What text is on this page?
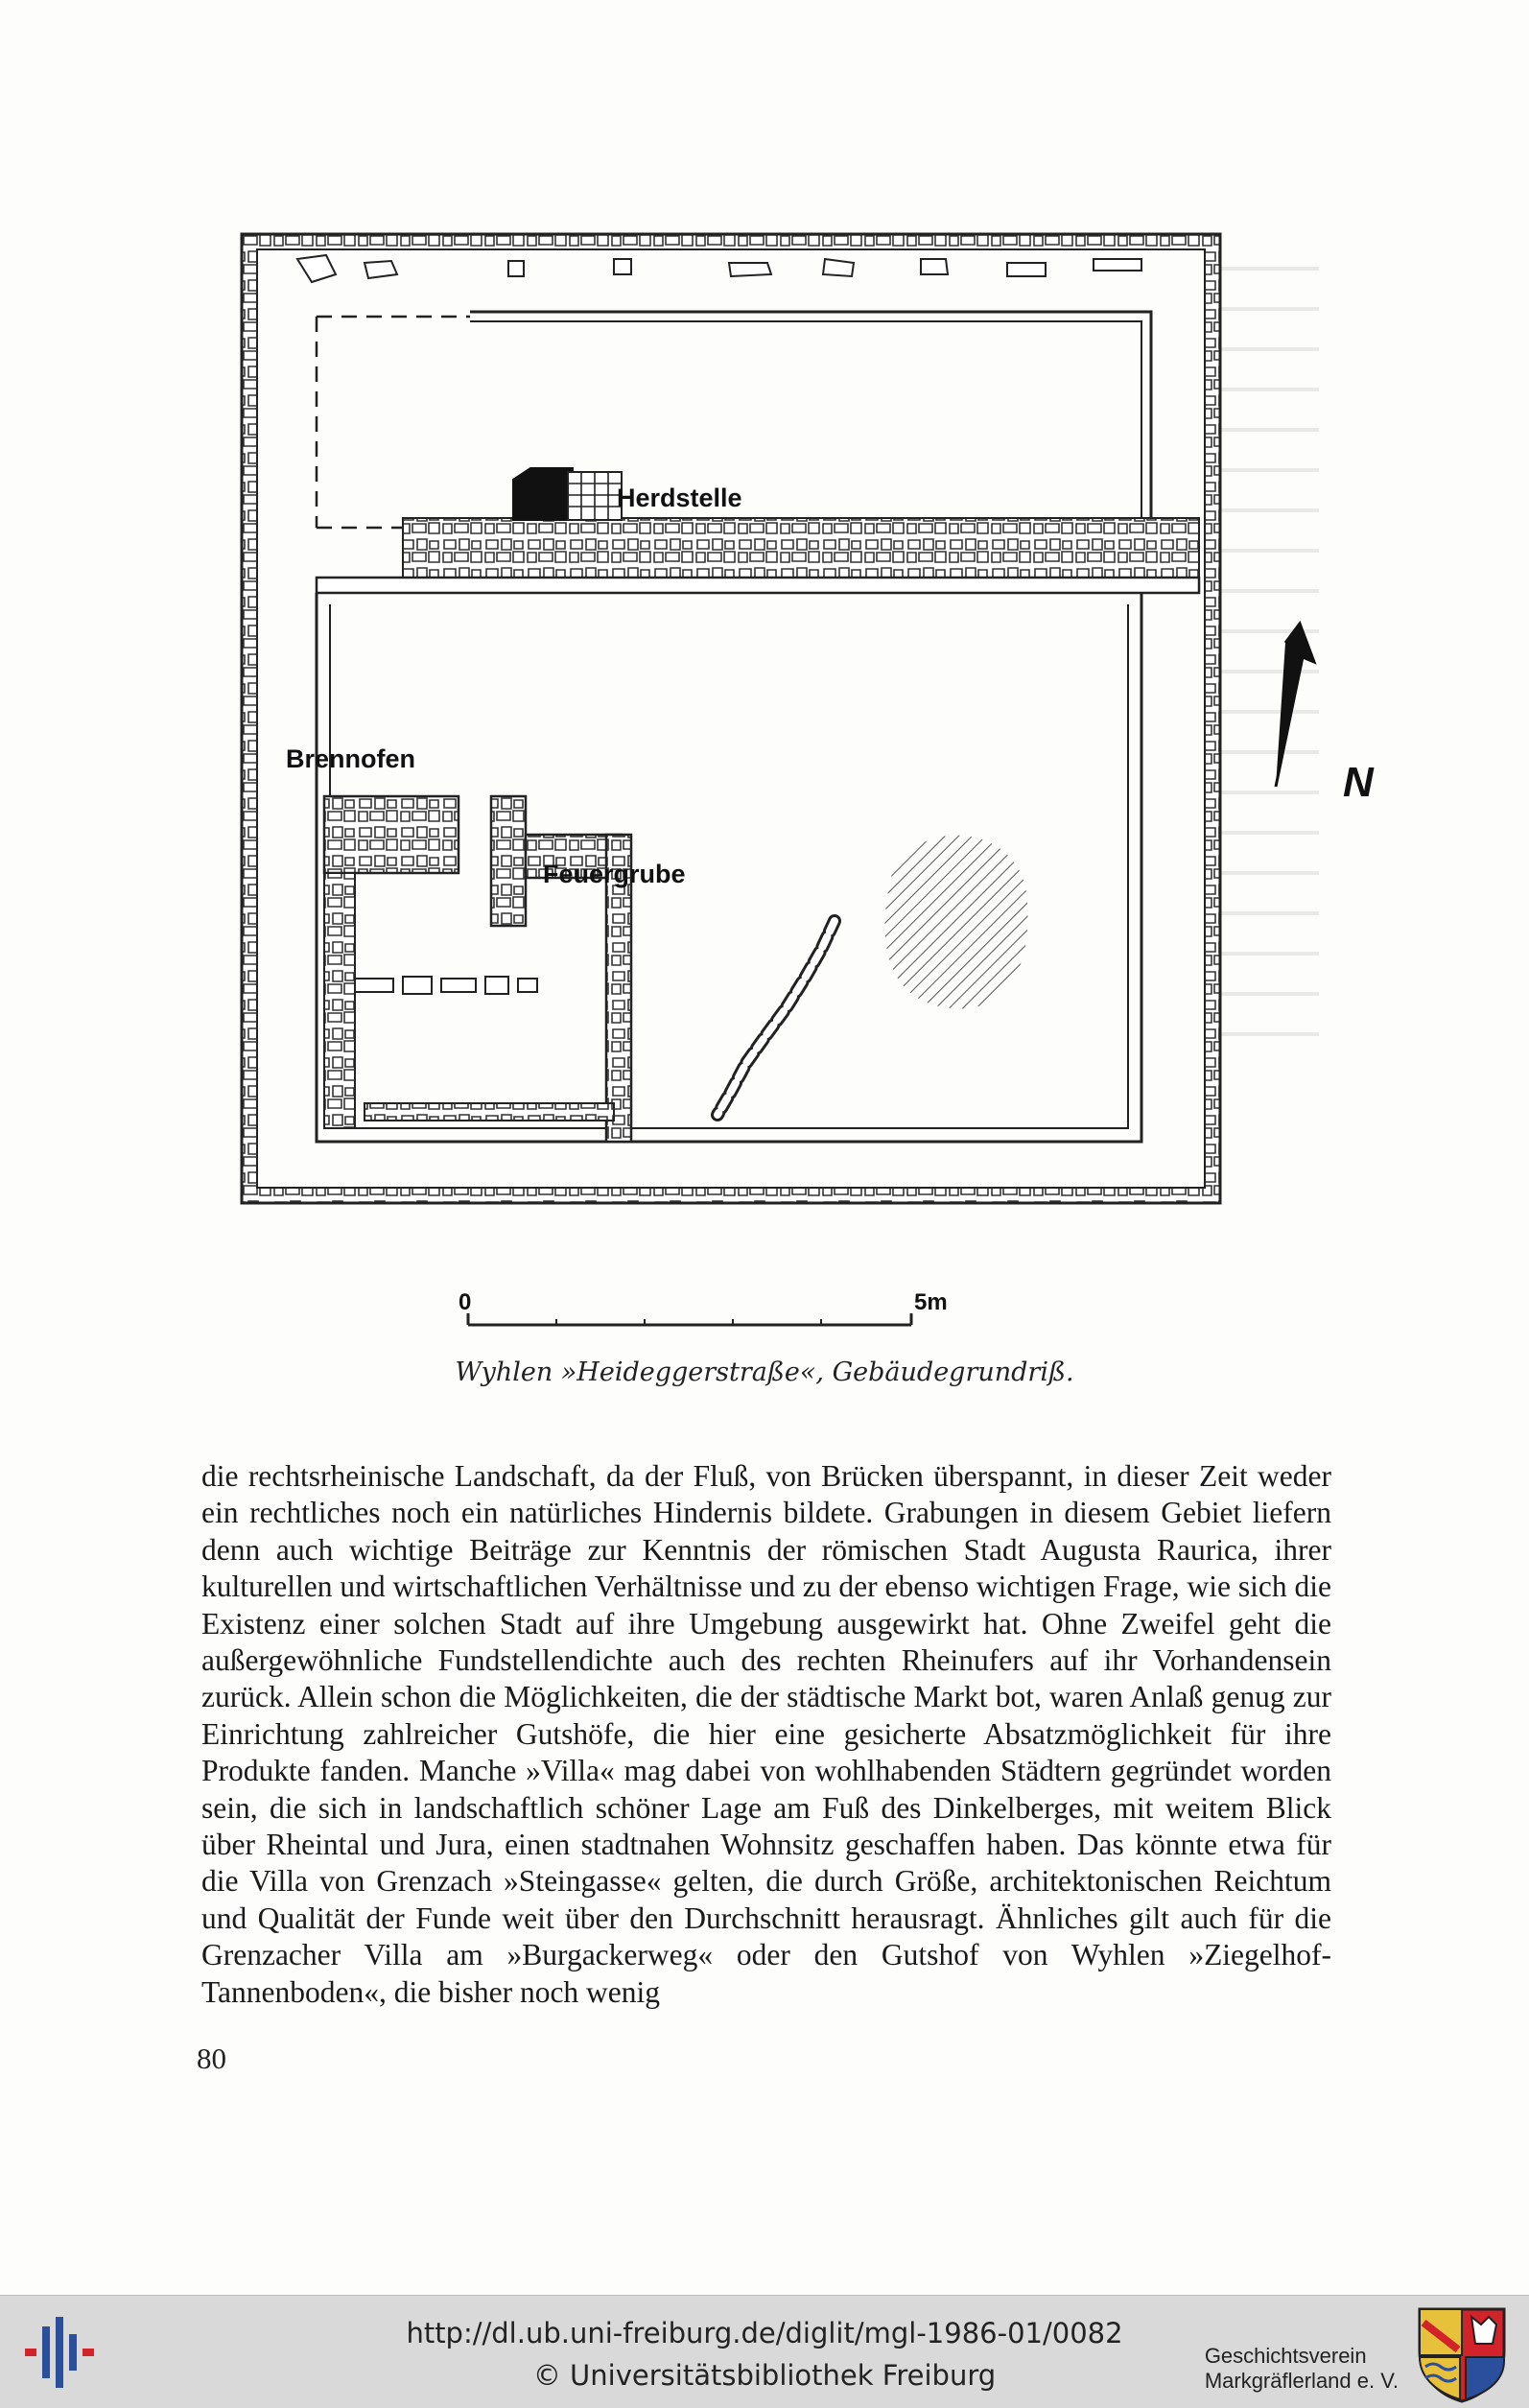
Herdstelle
Brennofen
Feuergrube
N
0	5m
Wyhlen »Heideggerstraße«, Gebäudegrundriß.

die rechtsrheinische Landschaft, da der Fluß, von Brücken überspannt, in dieser Zeit weder ein rechtliches noch ein natürliches Hindernis bildete. Grabungen in diesem Gebiet liefern denn auch wichtige Beiträge zur Kenntnis der römischen Stadt Augusta Raurica, ihrer kulturellen und wirtschaftlichen Verhältnisse und zu der ebenso wichtigen Frage, wie sich die Existenz einer solchen Stadt auf ihre Umgebung ausgewirkt hat. Ohne Zweifel geht die außergewöhnliche Fundstellendichte auch des rechten Rheinufers auf ihr Vorhandensein zurück. Allein schon die Möglichkeiten, die der städtische Markt bot, waren Anlaß genug zur Einrichtung zahlreicher Gutshöfe, die hier eine gesicherte Absatzmöglichkeit für ihre Produkte fanden. Manche »Villa« mag dabei von wohlhabenden Städtern gegründet worden sein, die sich in landschaftlich schöner Lage am Fuß des Dinkelberges, mit weitem Blick über Rheintal und Jura, einen stadtnahen Wohnsitz geschaffen haben. Das könnte etwa für die Villa von Grenzach »Steingasse« gelten, die durch Größe, architektonischen Reichtum und Qualität der Funde weit über den Durchschnitt herausragt. Ähnliches gilt auch für die Grenzacher Villa am »Burgackerweg« oder den Gutshof von Wyhlen »Ziegelhof-Tannenboden«, die bisher noch wenig

80
http://dl.ub.uni-freiburg.de/diglit/mgl-1986-01/0082
© Universitätsbibliothek Freiburg
Geschichtsverein
Markgräflerland e. V.
